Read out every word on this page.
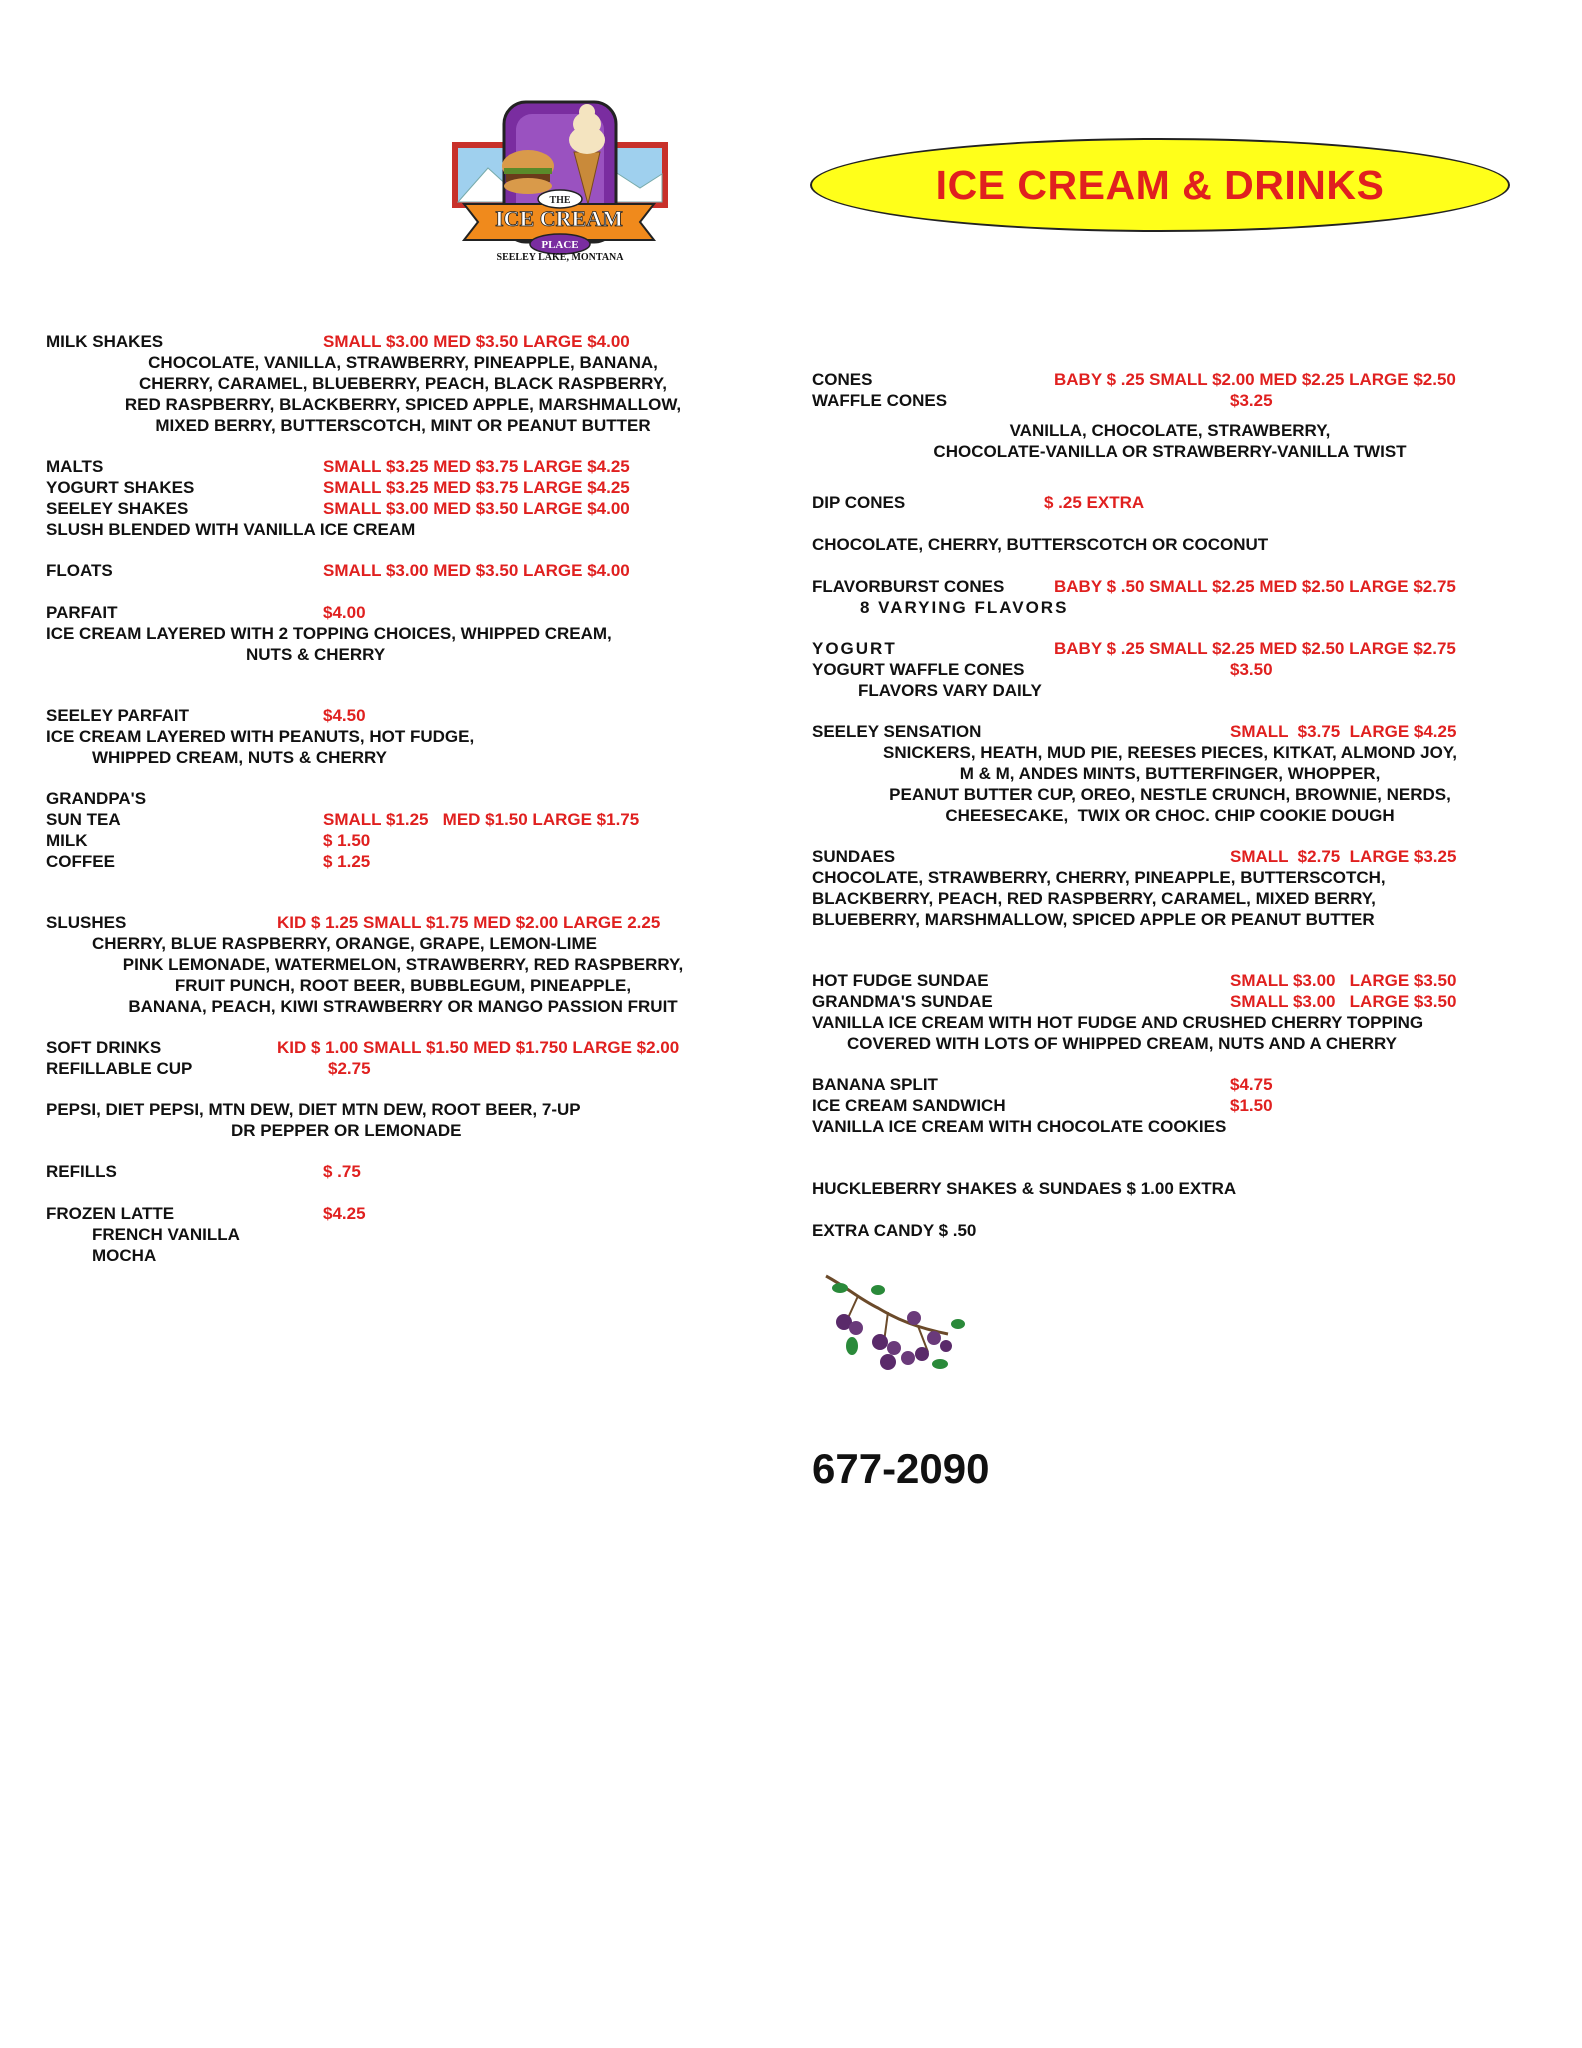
THE
ICE CREAM
PLACE
SEELEY LAKE, MONTANA
ICE CREAM & DRINKS
MILK SHAKES	SMALL $3.00 MED $3.50 LARGE $4.00
CHOCOLATE, VANILLA, STRAWBERRY, PINEAPPLE, BANANA,
CHERRY, CARAMEL, BLUEBERRY, PEACH, BLACK RASPBERRY,
RED RASPBERRY, BLACKBERRY, SPICED APPLE, MARSHMALLOW,
MIXED BERRY, BUTTERSCOTCH, MINT OR PEANUT BUTTER
MALTS	SMALL $3.25 MED $3.75 LARGE $4.25
YOGURT SHAKES	SMALL $3.25 MED $3.75 LARGE $4.25
SEELEY SHAKES	SMALL $3.00 MED $3.50 LARGE $4.00
SLUSH BLENDED WITH VANILLA ICE CREAM
FLOATS	SMALL $3.00 MED $3.50 LARGE $4.00
PARFAIT	$4.00
ICE CREAM LAYERED WITH 2 TOPPING CHOICES, WHIPPED CREAM,
NUTS & CHERRY
SEELEY PARFAIT	$4.50
ICE CREAM LAYERED WITH PEANUTS, HOT FUDGE,
WHIPPED CREAM, NUTS & CHERRY
GRANDPA'S
SUN TEA	SMALL $1.25   MED $1.50 LARGE $1.75
MILK	$ 1.50
COFFEE	$ 1.25
SLUSHES	KID $ 1.25 SMALL $1.75 MED $2.00 LARGE 2.25
CHERRY, BLUE RASPBERRY, ORANGE, GRAPE, LEMON-LIME
PINK LEMONADE, WATERMELON, STRAWBERRY, RED RASPBERRY,
FRUIT PUNCH, ROOT BEER, BUBBLEGUM, PINEAPPLE,
BANANA, PEACH, KIWI STRAWBERRY OR MANGO PASSION FRUIT
SOFT DRINKS	KID $ 1.00 SMALL $1.50 MED $1.750 LARGE $2.00
REFILLABLE CUP	$2.75
PEPSI, DIET PEPSI, MTN DEW, DIET MTN DEW, ROOT BEER, 7-UP
DR PEPPER OR LEMONADE
REFILLS	$ .75
FROZEN LATTE	$4.25
FRENCH VANILLA
MOCHA
CONES	BABY $ .25 SMALL $2.00 MED $2.25 LARGE $2.50
WAFFLE CONES	$3.25
VANILLA, CHOCOLATE, STRAWBERRY,
CHOCOLATE-VANILLA OR STRAWBERRY-VANILLA TWIST
DIP CONES	$ .25 EXTRA
CHOCOLATE, CHERRY, BUTTERSCOTCH OR COCONUT
FLAVORBURST CONES	BABY $ .50 SMALL $2.25 MED $2.50 LARGE $2.75
8 VARYING FLAVORS
YOGURT	BABY $ .25 SMALL $2.25 MED $2.50 LARGE $2.75
YOGURT WAFFLE CONES	$3.50
FLAVORS VARY DAILY
SEELEY SENSATION	SMALL  $3.75  LARGE $4.25
SNICKERS, HEATH, MUD PIE, REESES PIECES, KITKAT, ALMOND JOY,
M & M, ANDES MINTS, BUTTERFINGER, WHOPPER,
PEANUT BUTTER CUP, OREO, NESTLE CRUNCH, BROWNIE, NERDS,
CHEESECAKE,  TWIX OR CHOC. CHIP COOKIE DOUGH
SUNDAES	SMALL  $2.75  LARGE $3.25
CHOCOLATE, STRAWBERRY, CHERRY, PINEAPPLE, BUTTERSCOTCH,
BLACKBERRY, PEACH, RED RASPBERRY, CARAMEL, MIXED BERRY,
BLUEBERRY, MARSHMALLOW, SPICED APPLE OR PEANUT BUTTER
HOT FUDGE SUNDAE	SMALL $3.00   LARGE $3.50
GRANDMA'S SUNDAE	SMALL $3.00   LARGE $3.50
VANILLA ICE CREAM WITH HOT FUDGE AND CRUSHED CHERRY TOPPING
COVERED WITH LOTS OF WHIPPED CREAM, NUTS AND A CHERRY
BANANA SPLIT	$4.75
ICE CREAM SANDWICH	$1.50
VANILLA ICE CREAM WITH CHOCOLATE COOKIES
HUCKLEBERRY SHAKES & SUNDAES $ 1.00 EXTRA
EXTRA CANDY $ .50
677-2090
